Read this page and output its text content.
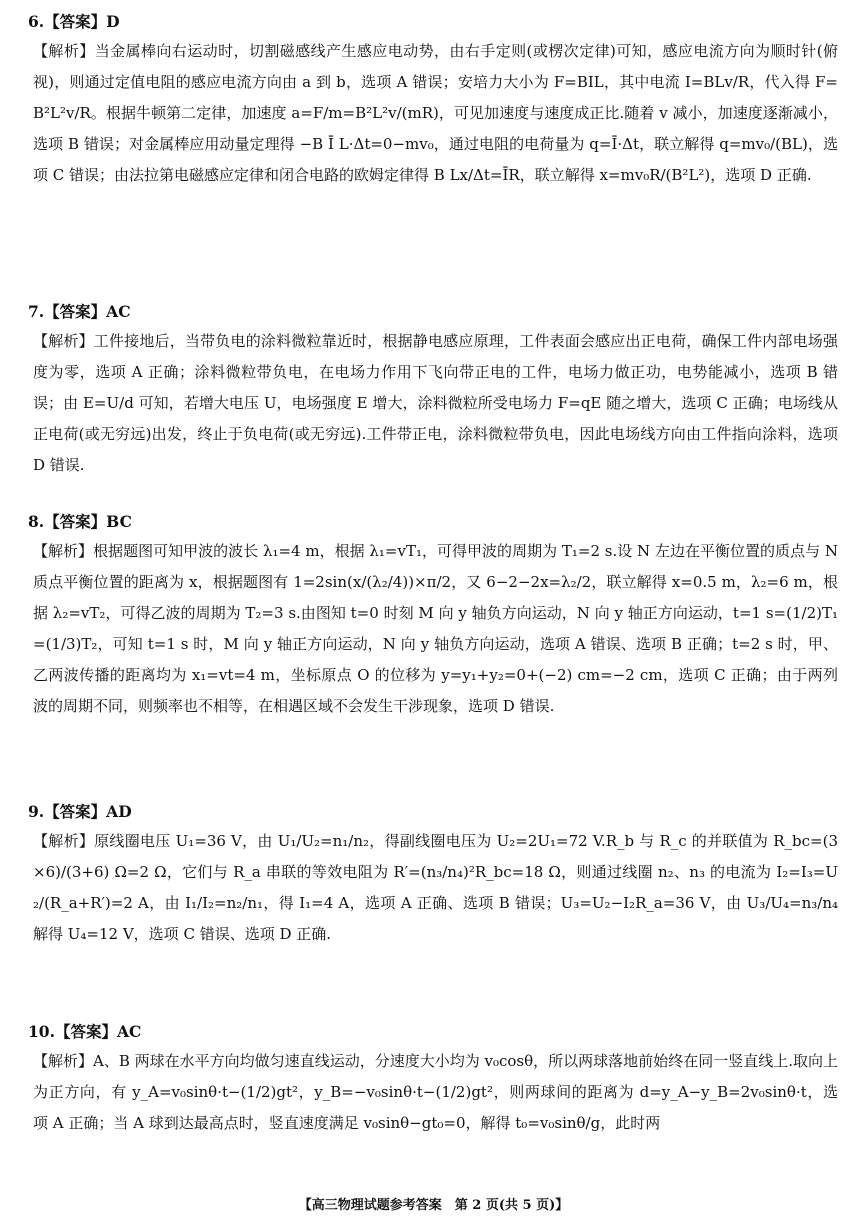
6.【答案】D
【解析】当金属棒向右运动时，切割磁感线产生感应电动势，由右手定则(或楞次定律)可知，感应电流方向为顺时针(俯视)，则通过定值电阻的感应电流方向由 a 到 b，选项 A 错误；安培力大小为 F=BIL，其中电流 I=BLv/R，代入得 F=B²L²v/R。根据牛顿第二定律，加速度 a=F/m=B²L²v/(mR)，可见加速度与速度成正比.随着 v 减小，加速度逐渐减小，选项 B 错误；对金属棒应用动量定理得 −B Ī L·Δt=0−mv₀，通过电阻的电荷量为 q=Ī·Δt，联立解得 q=mv₀/(BL)，选项 C 错误；由法拉第电磁感应定律和闭合电路的欧姆定律得 B Lx/Δt=ĪR，联立解得 x=mv₀R/(B²L²)，选项 D 正确.
7.【答案】AC
【解析】工件接地后，当带负电的涂料微粒靠近时，根据静电感应原理，工件表面会感应出正电荷，确保工件内部电场强度为零，选项 A 正确；涂料微粒带负电，在电场力作用下飞向带正电的工件，电场力做正功，电势能减小，选项 B 错误；由 E=U/d 可知，若增大电压 U，电场强度 E 增大，涂料微粒所受电场力 F=qE 随之增大，选项 C 正确；电场线从正电荷(或无穷远)出发，终止于负电荷(或无穷远).工件带正电，涂料微粒带负电，因此电场线方向由工件指向涂料，选项 D 错误.
8.【答案】BC
【解析】根据题图可知甲波的波长 λ₁=4 m，根据 λ₁=vT₁，可得甲波的周期为 T₁=2 s.设 N 左边在平衡位置的质点与 N 质点平衡位置的距离为 x，根据题图有 1=2sin(x/(λ₂/4))×π/2，又 6−2−2x=λ₂/2，联立解得 x=0.5 m，λ₂=6 m，根据 λ₂=vT₂，可得乙波的周期为 T₂=3 s.由图知 t=0 时刻 M 向 y 轴负方向运动，N 向 y 轴正方向运动，t=1 s=(1/2)T₁=(1/3)T₂，可知 t=1 s 时，M 向 y 轴正方向运动，N 向 y 轴负方向运动，选项 A 错误、选项 B 正确；t=2 s 时，甲、乙两波传播的距离均为 x₁=vt=4 m，坐标原点 O 的位移为 y=y₁+y₂=0+(−2) cm=−2 cm，选项 C 正确；由于两列波的周期不同，则频率也不相等，在相遇区域不会发生干涉现象，选项 D 错误.
9.【答案】AD
【解析】原线圈电压 U₁=36 V，由 U₁/U₂=n₁/n₂，得副线圈电压为 U₂=2U₁=72 V.R_b 与 R_c 的并联值为 R_bc=(3×6)/(3+6) Ω=2 Ω，它们与 R_a 串联的等效电阻为 R′=(n₃/n₄)²R_bc=18 Ω，则通过线圈 n₂、n₃ 的电流为 I₂=I₃=U₂/(R_a+R′)=2 A，由 I₁/I₂=n₂/n₁，得 I₁=4 A，选项 A 正确、选项 B 错误；U₃=U₂−I₂R_a=36 V，由 U₃/U₄=n₃/n₄ 解得 U₄=12 V，选项 C 错误、选项 D 正确.
10.【答案】AC
【解析】A、B 两球在水平方向均做匀速直线运动，分速度大小均为 v₀cosθ，所以两球落地前始终在同一竖直线上.取向上为正方向，有 y_A=v₀sinθ·t−(1/2)gt²，y_B=−v₀sinθ·t−(1/2)gt²，则两球间的距离为 d=y_A−y_B=2v₀sinθ·t，选项 A 正确；当 A 球到达最高点时，竖直速度满足 v₀sinθ−gt₀=0，解得 t₀=v₀sinθ/g，此时两
【高三物理试题参考答案　第 2 页(共 5 页)】
